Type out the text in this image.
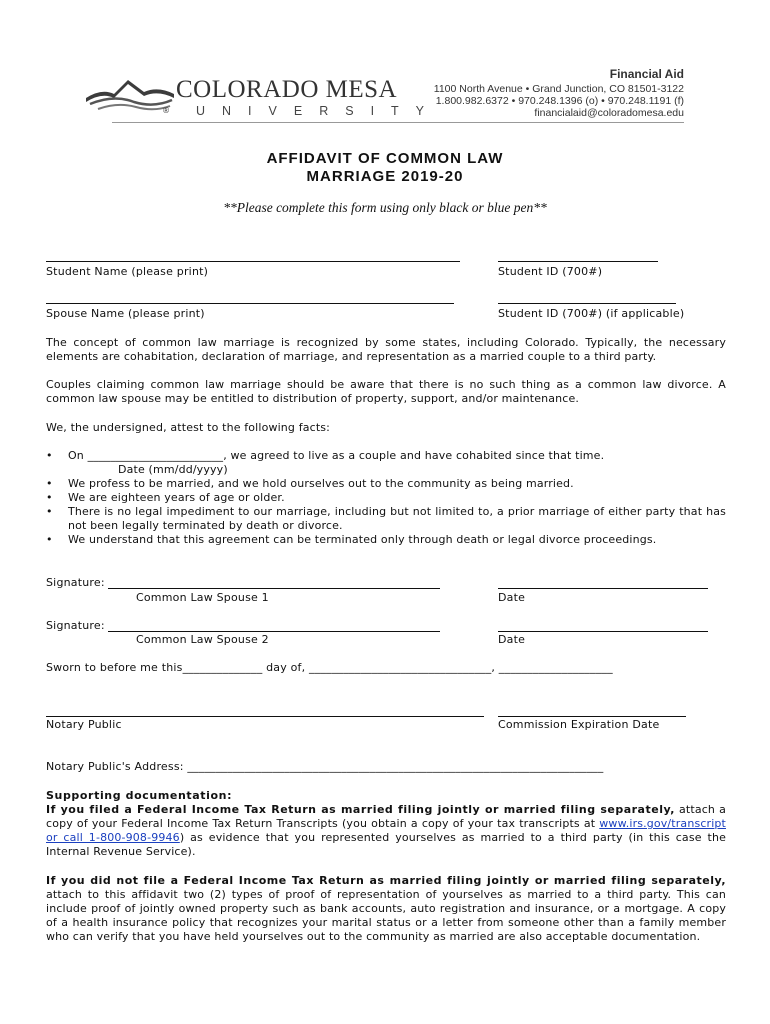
COLORADO MESA
UNIVERSITY
®
Financial Aid
1100 North Avenue • Grand Junction, CO 81501-3122
1.800.982.6372 • 970.248.1396 (o) • 970.248.1191 (f)
financialaid@coloradomesa.edu
AFFIDAVIT OF COMMON LAW
MARRIAGE 2019-20
**Please complete this form using only black or blue pen**
Student Name (please print)	Student ID (700#)
Spouse Name (please print)	Student ID (700#) (if applicable)
The concept of common law marriage is recognized by some states, including Colorado. Typically, the necessary elements are cohabitation, declaration of marriage, and representation as a married couple to a third party.
Couples claiming common law marriage should be aware that there is no such thing as a common law divorce. A common law spouse may be entitled to distribution of property, support, and/or maintenance.
We, the undersigned, attest to the following facts:
• On ________________________, we agreed to live as a couple and have cohabited since that time.
Date (mm/dd/yyyy)
• We profess to be married, and we hold ourselves out to the community as being married.
• We are eighteen years of age or older.
• There is no legal impediment to our marriage, including but not limited to, a prior marriage of either party that has not been legally terminated by death or divorce.
• We understand that this agreement can be terminated only through death or legal divorce proceedings.
Signature:
Common Law Spouse 1	Date
Signature:
Common Law Spouse 2	Date
Sworn to before me this______________ day of, ________________________________, ____________________
Notary Public	Commission Expiration Date
Notary Public's Address: _________________________________________________________________________
Supporting documentation:
If you filed a Federal Income Tax Return as married filing jointly or married filing separately, attach a copy of your Federal Income Tax Return Transcripts (you obtain a copy of your tax transcripts at www.irs.gov/transcript or call 1-800-908-9946) as evidence that you represented yourselves as married to a third party (in this case the Internal Revenue Service).
If you did not file a Federal Income Tax Return as married filing jointly or married filing separately, attach to this affidavit two (2) types of proof of representation of yourselves as married to a third party. This can include proof of jointly owned property such as bank accounts, auto registration and insurance, or a mortgage. A copy of a health insurance policy that recognizes your marital status or a letter from someone other than a family member who can verify that you have held yourselves out to the community as married are also acceptable documentation.
